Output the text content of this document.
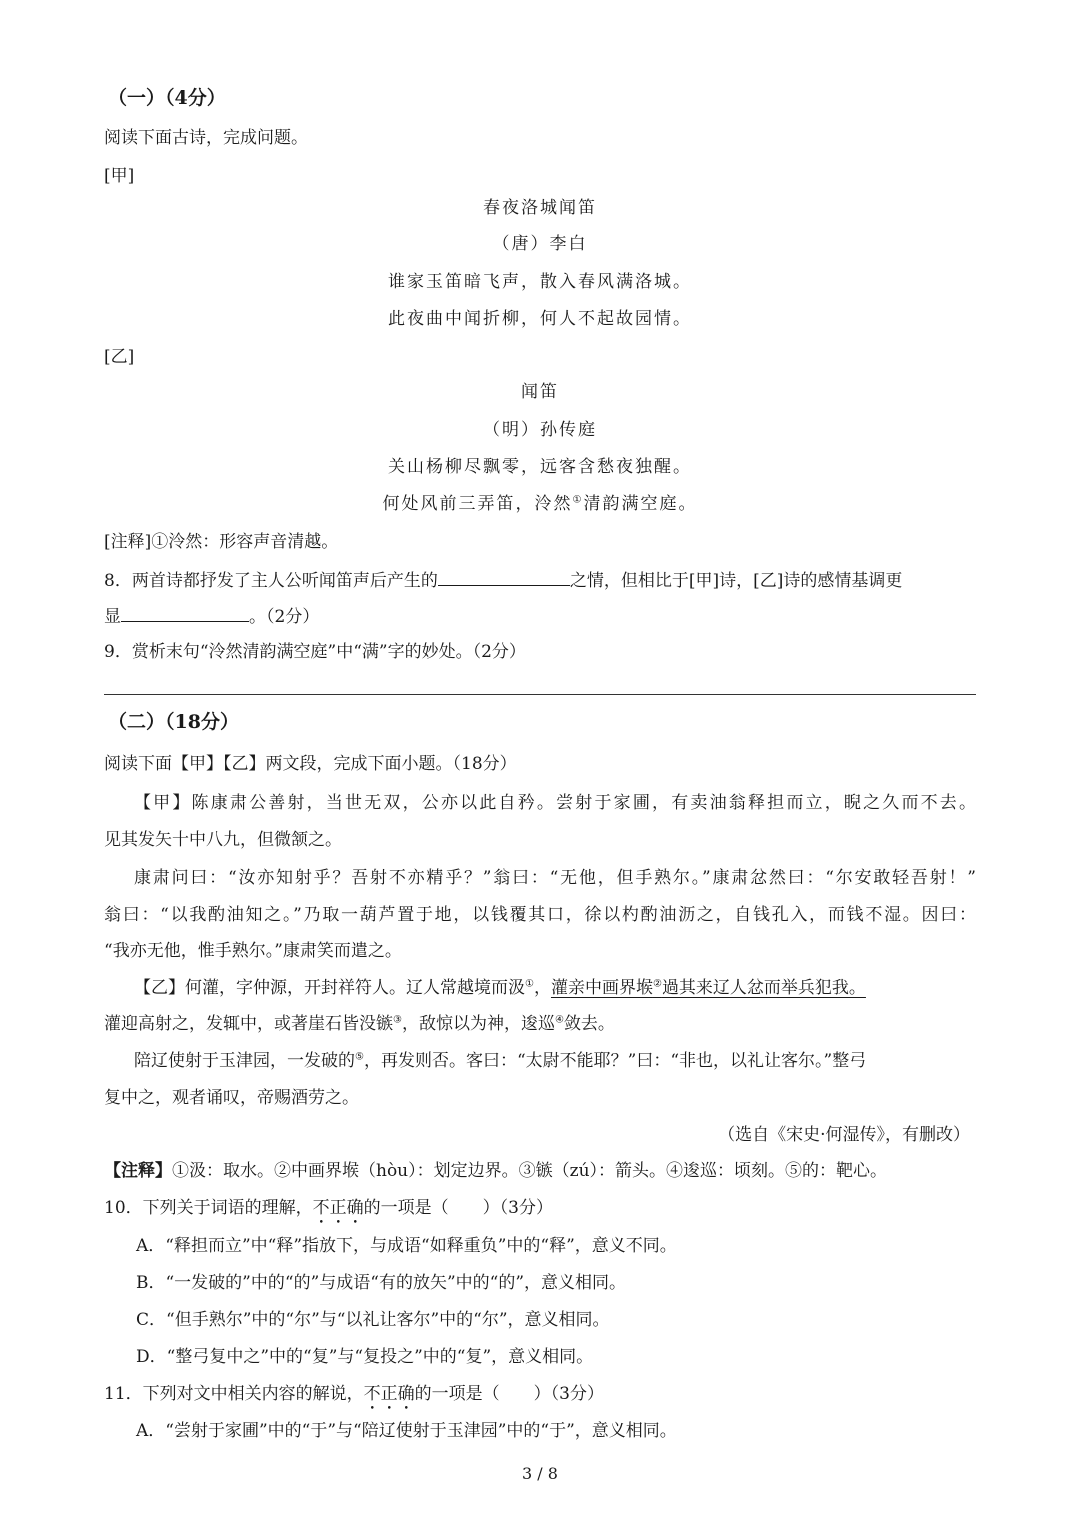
（一）（4分）
阅读下面古诗，完成问题。
[甲]
春夜洛城闻笛
（唐）李白
谁家玉笛暗飞声，散入春风满洛城。
此夜曲中闻折柳，何人不起故园情。
[乙]
闻笛
（明）孙传庭
关山杨柳尽飘零，远客含愁夜独醒。
何处风前三弄笛，泠然①清韵满空庭。
[注释]①泠然：形容声音清越。
8．两首诗都抒发了主人公听闻笛声后产生的	之情，但相比于[甲]诗，[乙]诗的感情基调更
显	。（2分）
9．赏析末句“泠然清韵满空庭”中“满”字的妙处。（2分）
（二）（18分）
阅读下面【甲】【乙】两文段，完成下面小题。（18分）
【甲】陈康肃公善射，当世无双，公亦以此自矜。尝射于家圃，有卖油翁释担而立，睨之久而不去。
见其发矢十中八九，但微颔之。
康肃问曰：“汝亦知射乎？吾射不亦精乎？”翁曰：“无他，但手熟尔。”康肃忿然曰：“尔安敢轻吾射！”
翁曰：“以我酌油知之。”乃取一葫芦置于地，以钱覆其口，徐以杓酌油沥之，自钱孔入，而钱不湿。因曰：
“我亦无他，惟手熟尔。”康肃笑而遣之。
【乙】何灌，字仲源，开封祥符人。辽人常越境而汲①，灌亲中画界堠②過其来辽人忿而举兵犯我。
灌迎高射之，发辄中，或著崖石皆没镞③，敌惊以为神，逡巡④敛去。
陪辽使射于玉津园，一发破的⑤，再发则否。客曰：“太尉不能耶？”曰：“非也，以礼让客尔。”整弓
复中之，观者诵叹，帝赐酒劳之。
（选自《宋史·何湿传》，有删改）
【注释】①汲：取水。②中画界堠（hòu）：划定边界。③镞（zú）：箭头。④逡巡：顷刻。⑤的：靶心。
10．下列关于词语的理解，不正确的一项是（　　）（3分）
A．“释担而立”中“释”指放下，与成语“如释重负”中的“释”，意义不同。
B．“一发破的”中的“的”与成语“有的放矢”中的“的”，意义相同。
C．“但手熟尔”中的“尔”与“以礼让客尔”中的“尔”，意义相同。
D．“整弓复中之”中的“复”与“复投之”中的“复”，意义相同。
11．下列对文中相关内容的解说，不正确的一项是（　　）（3分）
A．“尝射于家圃”中的“于”与“陪辽使射于玉津园”中的“于”，意义相同。
3 / 8
